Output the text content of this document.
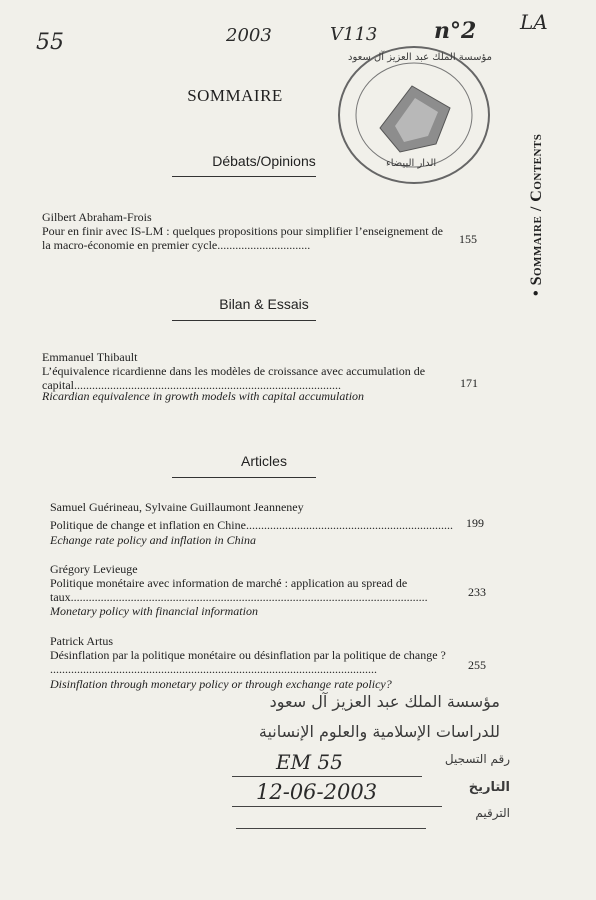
55	2003	V113	n°2 LA
مؤسسة الملك عبد العزيز آل سعود
الدار البيضاء
SOMMAIRE
• Sommaire / Contents
Débats/Opinions
Gilbert Abraham-Frois
Pour en finir avec IS-LM : quelques propositions pour simplifier l’enseignement de la macro-économie en premier cycle...............................	155
Bilan & Essais
Emmanuel Thibault
L’équivalence ricardienne dans les modèles de croissance avec accumulation de capital.........................................................................................	171
Ricardian equivalence in growth models with capital accumulation
Articles
Samuel Guérineau, Sylvaine Guillaumont Jeanneney
Politique de change et inflation en Chine.....................................................................	199
Echange rate policy and inflation in China
Grégory Levieuge
Politique monétaire avec information de marché : application au spread de taux.......................................................................................................................	233
Monetary policy with financial information
Patrick Artus
Désinflation par la politique monétaire ou désinflation par la politique de change ? .............................................................................................................	255
Disinflation through monetary policy or through exchange rate policy?
مؤسسة الملك عبد العزيز آل سعود
للدراسات الإسلامية والعلوم الإنسانية
رقم التسجيل
EM 55
التاريخ
12-06-2003
الترقيم
